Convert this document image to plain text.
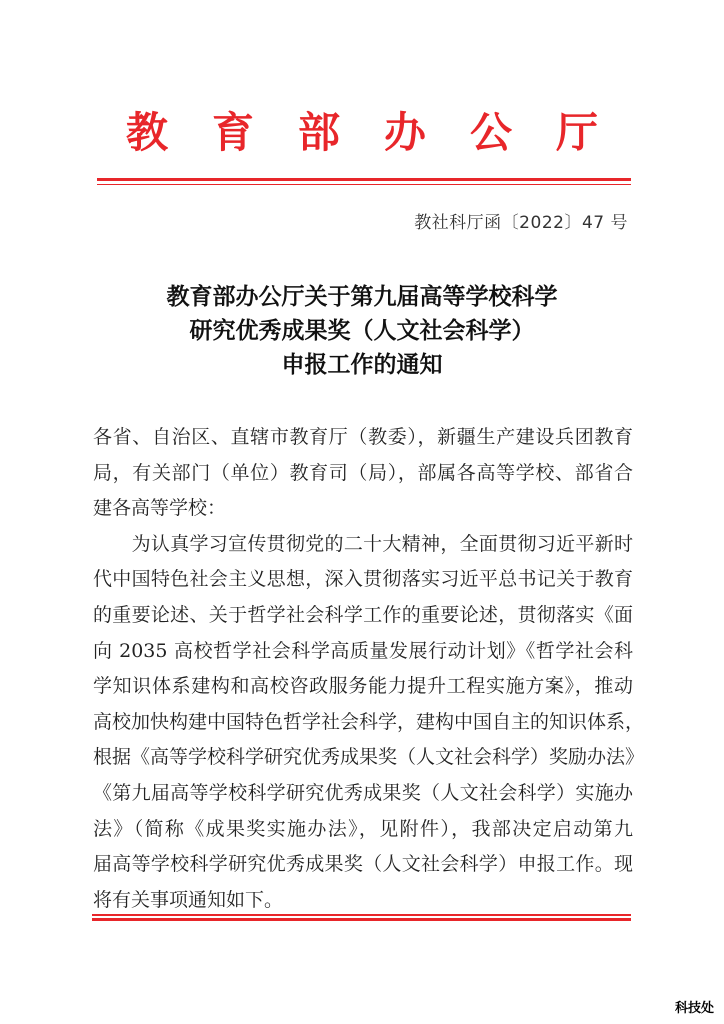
教 育 部 办 公 厅
教社科厅函〔2022〕47 号
教育部办公厅关于第九届高等学校科学
研究优秀成果奖（人文社会科学）
申报工作的通知
各省、自治区、直辖市教育厅（教委），新疆生产建设兵团教育
局，有关部门（单位）教育司（局），部属各高等学校、部省合
建各高等学校：
　　为认真学习宣传贯彻党的二十大精神，全面贯彻习近平新时
代中国特色社会主义思想，深入贯彻落实习近平总书记关于教育
的重要论述、关于哲学社会科学工作的重要论述，贯彻落实《面
向 2035 高校哲学社会科学高质量发展行动计划》《哲学社会科
学知识体系建构和高校咨政服务能力提升工程实施方案》，推动
高校加快构建中国特色哲学社会科学，建构中国自主的知识体系，
根据《高等学校科学研究优秀成果奖（人文社会科学）奖励办法》
《第九届高等学校科学研究优秀成果奖（人文社会科学）实施办
法》（简称《成果奖实施办法》，见附件），我部决定启动第九
届高等学校科学研究优秀成果奖（人文社会科学）申报工作。现
将有关事项通知如下。
科技处
